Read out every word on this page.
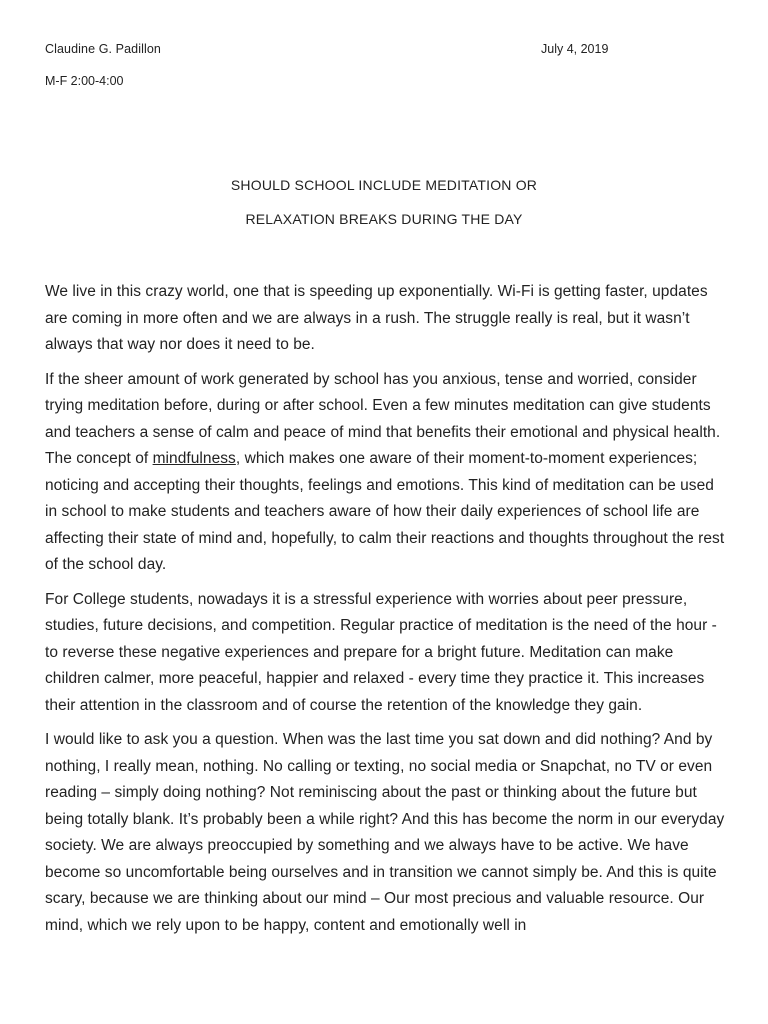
Claudine G. Padillon	July 4, 2019
M-F 2:00-4:00
SHOULD SCHOOL INCLUDE MEDITATION OR
RELAXATION BREAKS DURING THE DAY

We live in this crazy world, one that is speeding up exponentially. Wi-Fi is getting faster, updates are coming in more often and we are always in a rush. The struggle really is real, but it wasn’t always that way nor does it need to be.

If the sheer amount of work generated by school has you anxious, tense and worried, consider trying meditation before, during or after school. Even a few minutes meditation can give students and teachers a sense of calm and peace of mind that benefits their emotional and physical health. The concept of mindfulness, which makes one aware of their moment-to-moment experiences; noticing and accepting their thoughts, feelings and emotions. This kind of meditation can be used in school to make students and teachers aware of how their daily experiences of school life are affecting their state of mind and, hopefully, to calm their reactions and thoughts throughout the rest of the school day.

For College students, nowadays it is a stressful experience with worries about peer pressure, studies, future decisions, and competition. Regular practice of meditation is the need of the hour - to reverse these negative experiences and prepare for a bright future. Meditation can make children calmer, more peaceful, happier and relaxed - every time they practice it. This increases their attention in the classroom and of course the retention of the knowledge they gain.

I would like to ask you a question. When was the last time you sat down and did nothing? And by nothing, I really mean, nothing. No calling or texting, no social media or Snapchat, no TV or even reading – simply doing nothing? Not reminiscing about the past or thinking about the future but being totally blank. It’s probably been a while right? And this has become the norm in our everyday society. We are always preoccupied by something and we always have to be active. We have become so uncomfortable being ourselves and in transition we cannot simply be. And this is quite scary, because we are thinking about our mind – Our most precious and valuable resource. Our mind, which we rely upon to be happy, content and emotionally well in
